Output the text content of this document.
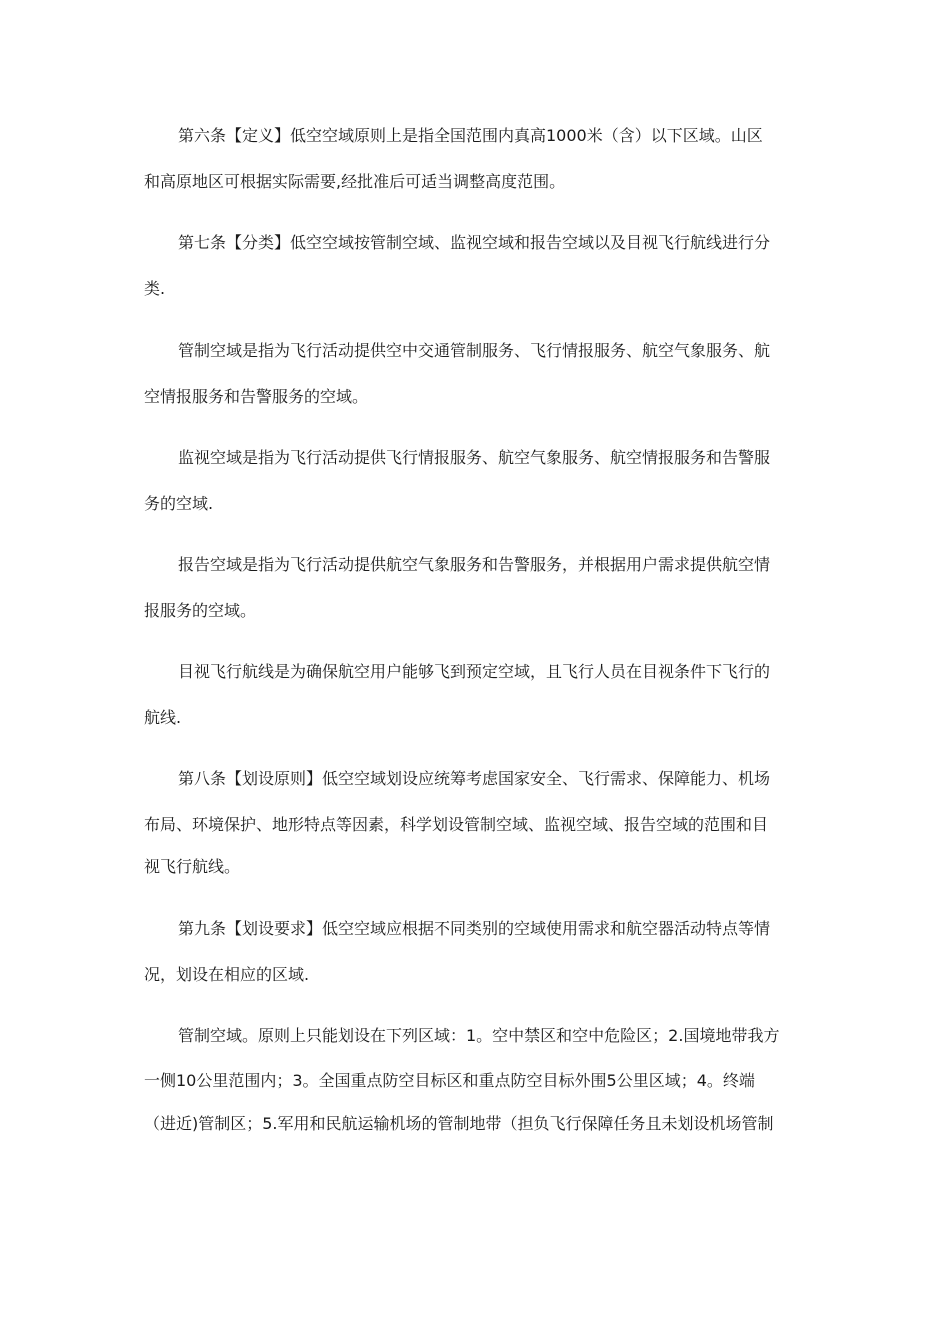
第六条【定义】低空空域原则上是指全国范围内真高1000米（含）以下区域。山区
和高原地区可根据实际需要,经批准后可适当调整高度范围。
第七条【分类】低空空域按管制空域、监视空域和报告空域以及目视飞行航线进行分
类.
管制空域是指为飞行活动提供空中交通管制服务、飞行情报服务、航空气象服务、航
空情报服务和告警服务的空域。
监视空域是指为飞行活动提供飞行情报服务、航空气象服务、航空情报服务和告警服
务的空域.
报告空域是指为飞行活动提供航空气象服务和告警服务，并根据用户需求提供航空情
报服务的空域。
目视飞行航线是为确保航空用户能够飞到预定空域，且飞行人员在目视条件下飞行的
航线.
第八条【划设原则】低空空域划设应统筹考虑国家安全、飞行需求、保障能力、机场
布局、环境保护、地形特点等因素，科学划设管制空域、监视空域、报告空域的范围和目
视飞行航线。
第九条【划设要求】低空空域应根据不同类别的空域使用需求和航空器活动特点等情
况，划设在相应的区域.
管制空域。原则上只能划设在下列区域：1。空中禁区和空中危险区；2.国境地带我方
一侧10公里范围内；3。全国重点防空目标区和重点防空目标外围5公里区域；4。终端
（进近)管制区；5.军用和民航运输机场的管制地带（担负飞行保障任务且未划设机场管制
